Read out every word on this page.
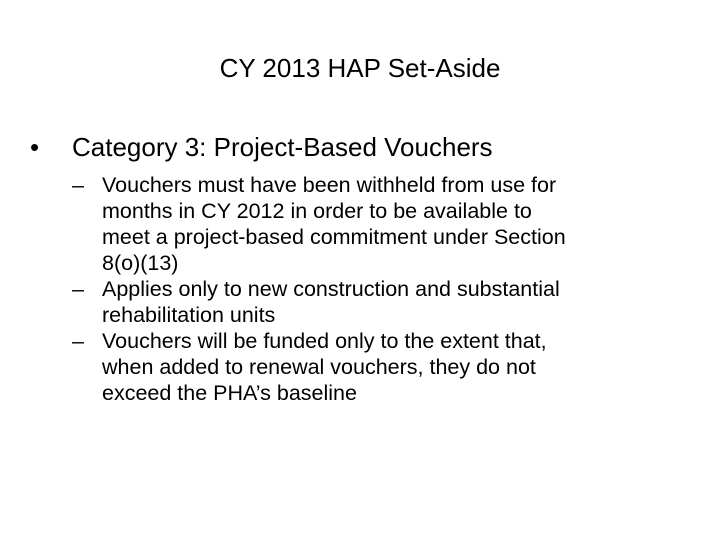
CY 2013 HAP Set-Aside
•	Category 3: Project-Based Vouchers
– Vouchers must have been withheld from use for
months in CY 2012 in order to be available to
meet a project-based commitment under Section
8(o)(13)
– Applies only to new construction and substantial
rehabilitation units
– Vouchers will be funded only to the extent that,
when added to renewal vouchers, they do not
exceed the PHA’s baseline
